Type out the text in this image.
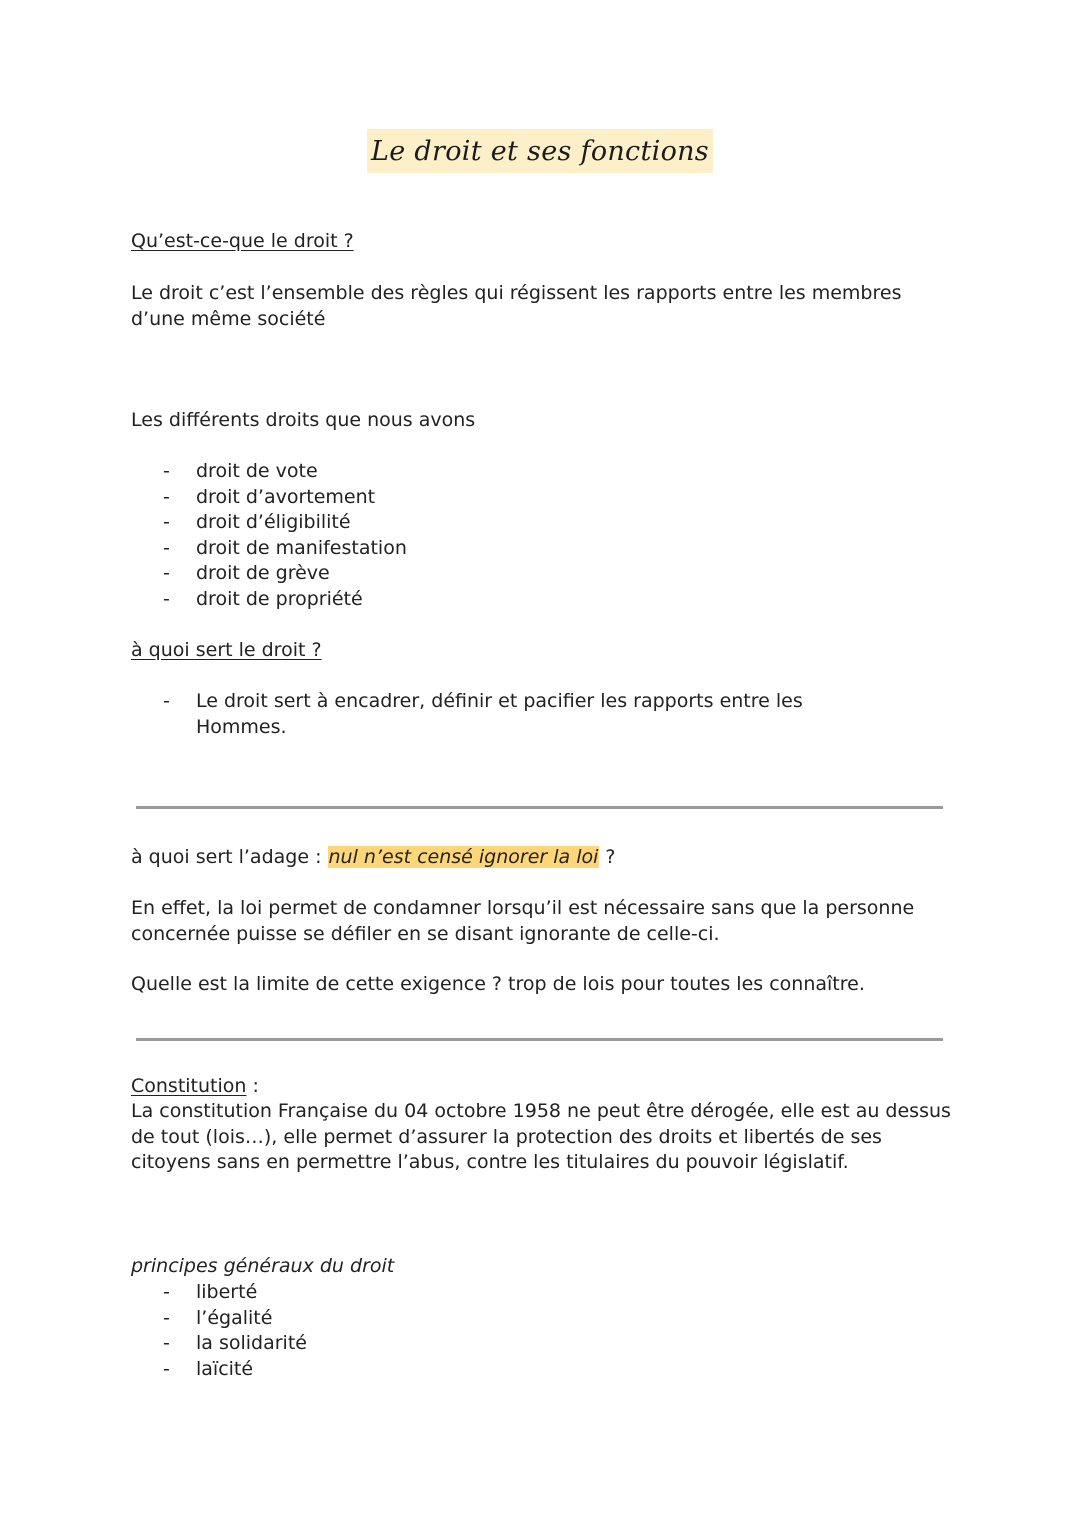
Le droit et ses fonctions
Qu’est-ce-que le droit ?
Le droit c’est l’ensemble des règles qui régissent les rapports entre les membres d’une même société
Les différents droits que nous avons
- droit de vote
- droit d’avortement
- droit d’éligibilité
- droit de manifestation
- droit de grève
- droit de propriété
à quoi sert le droit ?
- Le droit sert à encadrer, définir et pacifier les rapports entre les Hommes.
à quoi sert l’adage : nul n’est censé ignorer la loi ?
En effet, la loi permet de condamner lorsqu’il est nécessaire sans que la personne concernée puisse se défiler en se disant ignorante de celle-ci.
Quelle est la limite de cette exigence ? trop de lois pour toutes les connaître.
Constitution :
La constitution Française du 04 octobre 1958 ne peut être dérogée, elle est au dessus de tout (lois…), elle permet d’assurer la protection des droits et libertés de ses citoyens sans en permettre l’abus, contre les titulaires du pouvoir législatif.
principes généraux du droit
- liberté
- l’égalité
- la solidarité
- laïcité
